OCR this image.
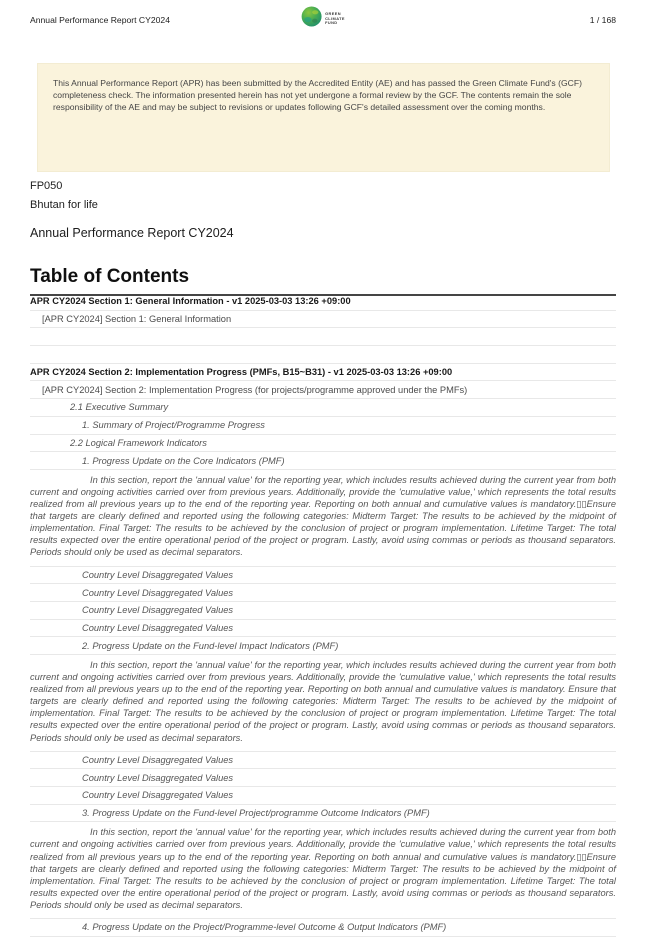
Annual Performance Report CY2024
GREEN
CLIMATE
FUND	1 / 168

This Annual Performance Report (APR) has been submitted by the Accredited Entity (AE) and has passed the Green Climate Fund's (GCF) completeness check. The information presented herein has not yet undergone a formal review by the GCF. The contents remain the sole responsibility of the AE and may be subject to revisions or updates following GCF's detailed assessment over the coming months.

FP050
Bhutan for life
Annual Performance Report CY2024
Table of Contents
APR CY2024 Section 1: General Information - v1 2025-03-03 13:26 +09:00
[APR CY2024] Section 1: General Information
APR CY2024 Section 2: Implementation Progress (PMFs, B15~B31) - v1 2025-03-03 13:26 +09:00
[APR CY2024] Section 2: Implementation Progress (for projects/programme approved under the PMFs)
2.1 Executive Summary
1. Summary of Project/Programme Progress
2.2 Logical Framework Indicators
1. Progress Update on the Core Indicators (PMF)
In this section, report the 'annual value' for the reporting year, which includes results achieved during the current year from both current and ongoing activities carried over from previous years. Additionally, provide the 'cumulative value,' which represents the total results realized from all previous years up to the end of the reporting year. Reporting on both annual and cumulative values is mandatory.▯▯Ensure that targets are clearly defined and reported using the following categories: Midterm Target: The results to be achieved by the midpoint of implementation. Final Target: The results to be achieved by the conclusion of project or program implementation. Lifetime Target: The total results expected over the entire operational period of the project or program. Lastly, avoid using commas or periods as thousand separators. Periods should only be used as decimal separators.
Country Level Disaggregated Values
Country Level Disaggregated Values
Country Level Disaggregated Values
Country Level Disaggregated Values
2. Progress Update on the Fund-level Impact Indicators (PMF)
In this section, report the 'annual value' for the reporting year, which includes results achieved during the current year from both current and ongoing activities carried over from previous years. Additionally, provide the 'cumulative value,' which represents the total results realized from all previous years up to the end of the reporting year. Reporting on both annual and cumulative values is mandatory. Ensure that targets are clearly defined and reported using the following categories: Midterm Target: The results to be achieved by the midpoint of implementation. Final Target: The results to be achieved by the conclusion of project or program implementation. Lifetime Target: The total results expected over the entire operational period of the project or program. Lastly, avoid using commas or periods as thousand separators. Periods should only be used as decimal separators.
Country Level Disaggregated Values
Country Level Disaggregated Values
Country Level Disaggregated Values
3. Progress Update on the Fund-level Project/programme Outcome Indicators (PMF)
In this section, report the 'annual value' for the reporting year, which includes results achieved during the current year from both current and ongoing activities carried over from previous years. Additionally, provide the 'cumulative value,' which represents the total results realized from all previous years up to the end of the reporting year. Reporting on both annual and cumulative values is mandatory.▯▯Ensure that targets are clearly defined and reported using the following categories: Midterm Target: The results to be achieved by the midpoint of implementation. Final Target: The results to be achieved by the conclusion of project or program implementation. Lifetime Target: The total results expected over the entire operational period of the project or program. Lastly, avoid using commas or periods as thousand separators. Periods should only be used as decimal separators.
4. Progress Update on the Project/Programme-level Outcome & Output Indicators (PMF)
